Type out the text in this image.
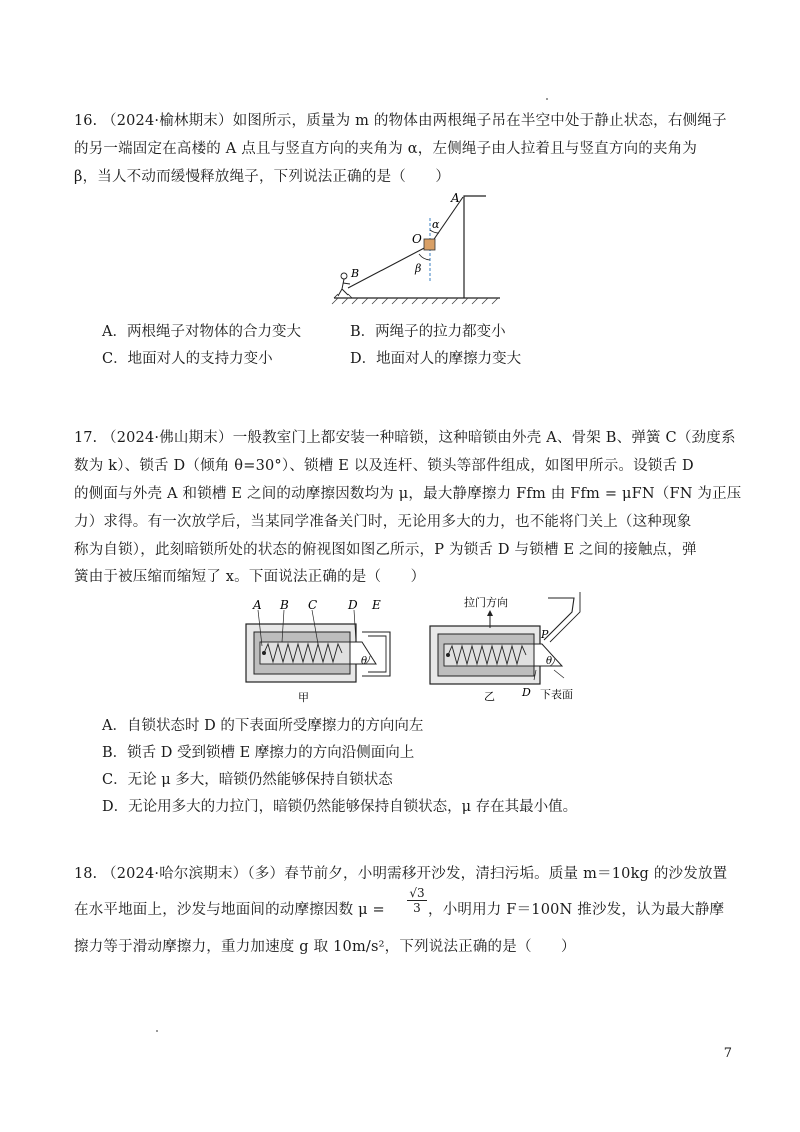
16. （2024·榆林期末）如图所示，质量为 m 的物体由两根绳子吊在半空中处于静止状态，右侧绳子
的另一端固定在高楼的 A 点且与竖直方向的夹角为 α，左侧绳子由人拉着且与竖直方向的夹角为
β，当人不动而缓慢释放绳子，下列说法正确的是（　　）
A
O
B
α
β
A．两根绳子对物体的合力变大	B．两绳子的拉力都变小
C．地面对人的支持力变小	D．地面对人的摩擦力变大
17. （2024·佛山期末）一般教室门上都安装一种暗锁，这种暗锁由外壳 A、骨架 B、弹簧 C（劲度系
数为 k）、锁舌 D（倾角 θ=30°）、锁槽 E 以及连杆、锁头等部件组成，如图甲所示。设锁舌 D
的侧面与外壳 A 和锁槽 E 之间的动摩擦因数均为 μ，最大静摩擦力 Ffm 由 Ffm = μFN（FN 为正压
力）求得。有一次放学后，当某同学准备关门时，无论用多大的力，也不能将门关上（这种现象
称为自锁），此刻暗锁所处的状态的俯视图如图乙所示，P 为锁舌 D 与锁槽 E 之间的接触点，弹
簧由于被压缩而缩短了 x。下面说法正确的是（　　）
A B C	D E
θ
甲
拉门方向
P
θ
乙 D 下表面
A．自锁状态时 D 的下表面所受摩擦力的方向向左
B．锁舌 D 受到锁槽 E 摩擦力的方向沿侧面向上
C．无论 μ 多大，暗锁仍然能够保持自锁状态
D．无论用多大的力拉门，暗锁仍然能够保持自锁状态，μ 存在其最小值。
18. （2024·哈尔滨期末）（多）春节前夕，小明需移开沙发，清扫污垢。质量 m＝10kg 的沙发放置
在水平地面上，沙发与地面间的动摩擦因数 $\mu = \frac{√3}{3}$ ，小明用力 F＝100N 推沙发，认为最大静摩
擦力等于滑动摩擦力，重力加速度 g 取 10m/s²，下列说法正确的是（　　）
7
